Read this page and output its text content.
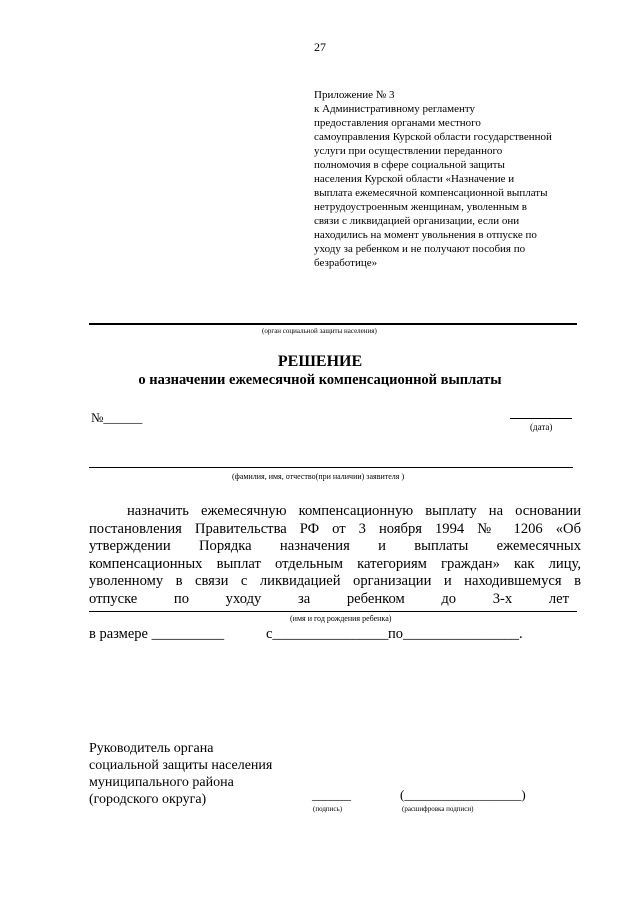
27
Приложение № 3
к Административному регламенту
предоставления органами местного
самоуправления Курской области государственной
услуги при осуществлении переданного
полномочия в сфере социальной защиты
населения Курской области «Назначение и
выплата ежемесячной компенсационной выплаты
нетрудоустроенным женщинам, уволенным в
связи с ликвидацией организации, если они
находились на момент увольнения в отпуске по
уходу за ребенком и не получают пособия по
безработице»
(орган социальной защиты населения)
РЕШЕНИЕ
о назначении ежемесячной компенсационной выплаты
№______
(дата)
(фамилия, имя, отчество(при наличии) заявителя )
назначить ежемесячную компенсационную выплату на основании
постановления Правительства РФ от 3 ноября 1994 № 1206 «Об
утверждении Порядка назначения и выплаты ежемесячных
компенсационных выплат отдельным категориям граждан» как лицу,
уволенному в связи с ликвидацией организации и находившемуся в
отпуске по уходу за ребенком до 3-х лет
(имя и год рождения ребенка)
в размере __________	с________________ по________________.
Руководитель органа
социальной защиты населения
муниципального района
(городского округа)	______	(__________________)
(подпись)	(расшифровка подписи)
